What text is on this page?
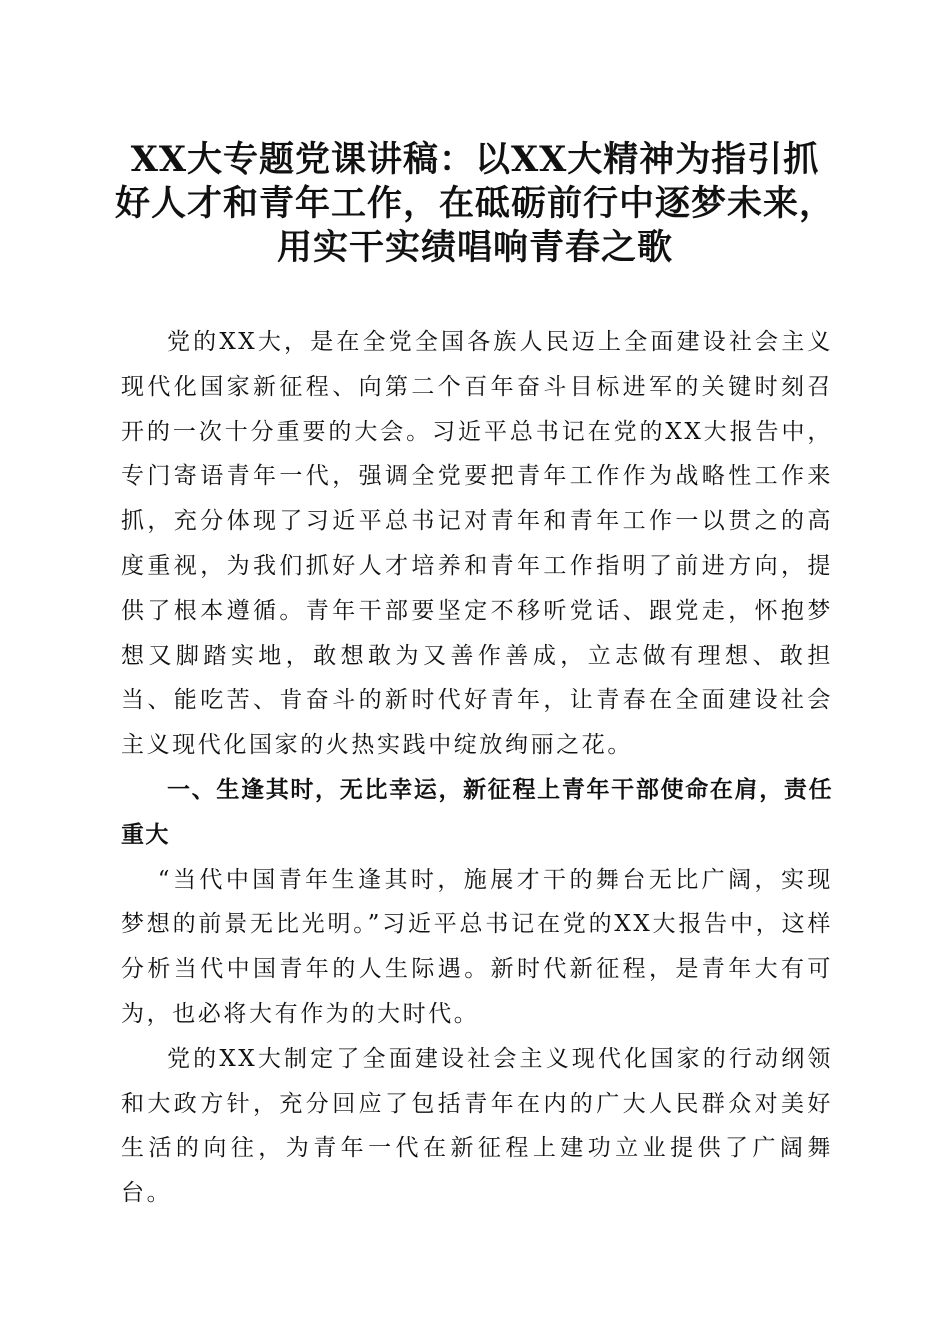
XX大专题党课讲稿：以XX大精神为指引抓
好人才和青年工作，在砥砺前行中逐梦未来，
用实干实绩唱响青春之歌

党的XX大，是在全党全国各族人民迈上全面建设社会主义现代化国家新征程、向第二个百年奋斗目标进军的关键时刻召开的一次十分重要的大会。习近平总书记在党的XX大报告中，专门寄语青年一代，强调全党要把青年工作作为战略性工作来抓，充分体现了习近平总书记对青年和青年工作一以贯之的高度重视，为我们抓好人才培养和青年工作指明了前进方向，提供了根本遵循。青年干部要坚定不移听党话、跟党走，怀抱梦想又脚踏实地，敢想敢为又善作善成，立志做有理想、敢担当、能吃苦、肯奋斗的新时代好青年，让青春在全面建设社会主义现代化国家的火热实践中绽放绚丽之花。

一、生逢其时，无比幸运，新征程上青年干部使命在肩，责任重大

“当代中国青年生逢其时，施展才干的舞台无比广阔，实现梦想的前景无比光明。”习近平总书记在党的XX大报告中，这样分析当代中国青年的人生际遇。新时代新征程，是青年大有可为，也必将大有作为的大时代。

党的XX大制定了全面建设社会主义现代化国家的行动纲领和大政方针，充分回应了包括青年在内的广大人民群众对美好生活的向往，为青年一代在新征程上建功立业提供了广阔舞台。
